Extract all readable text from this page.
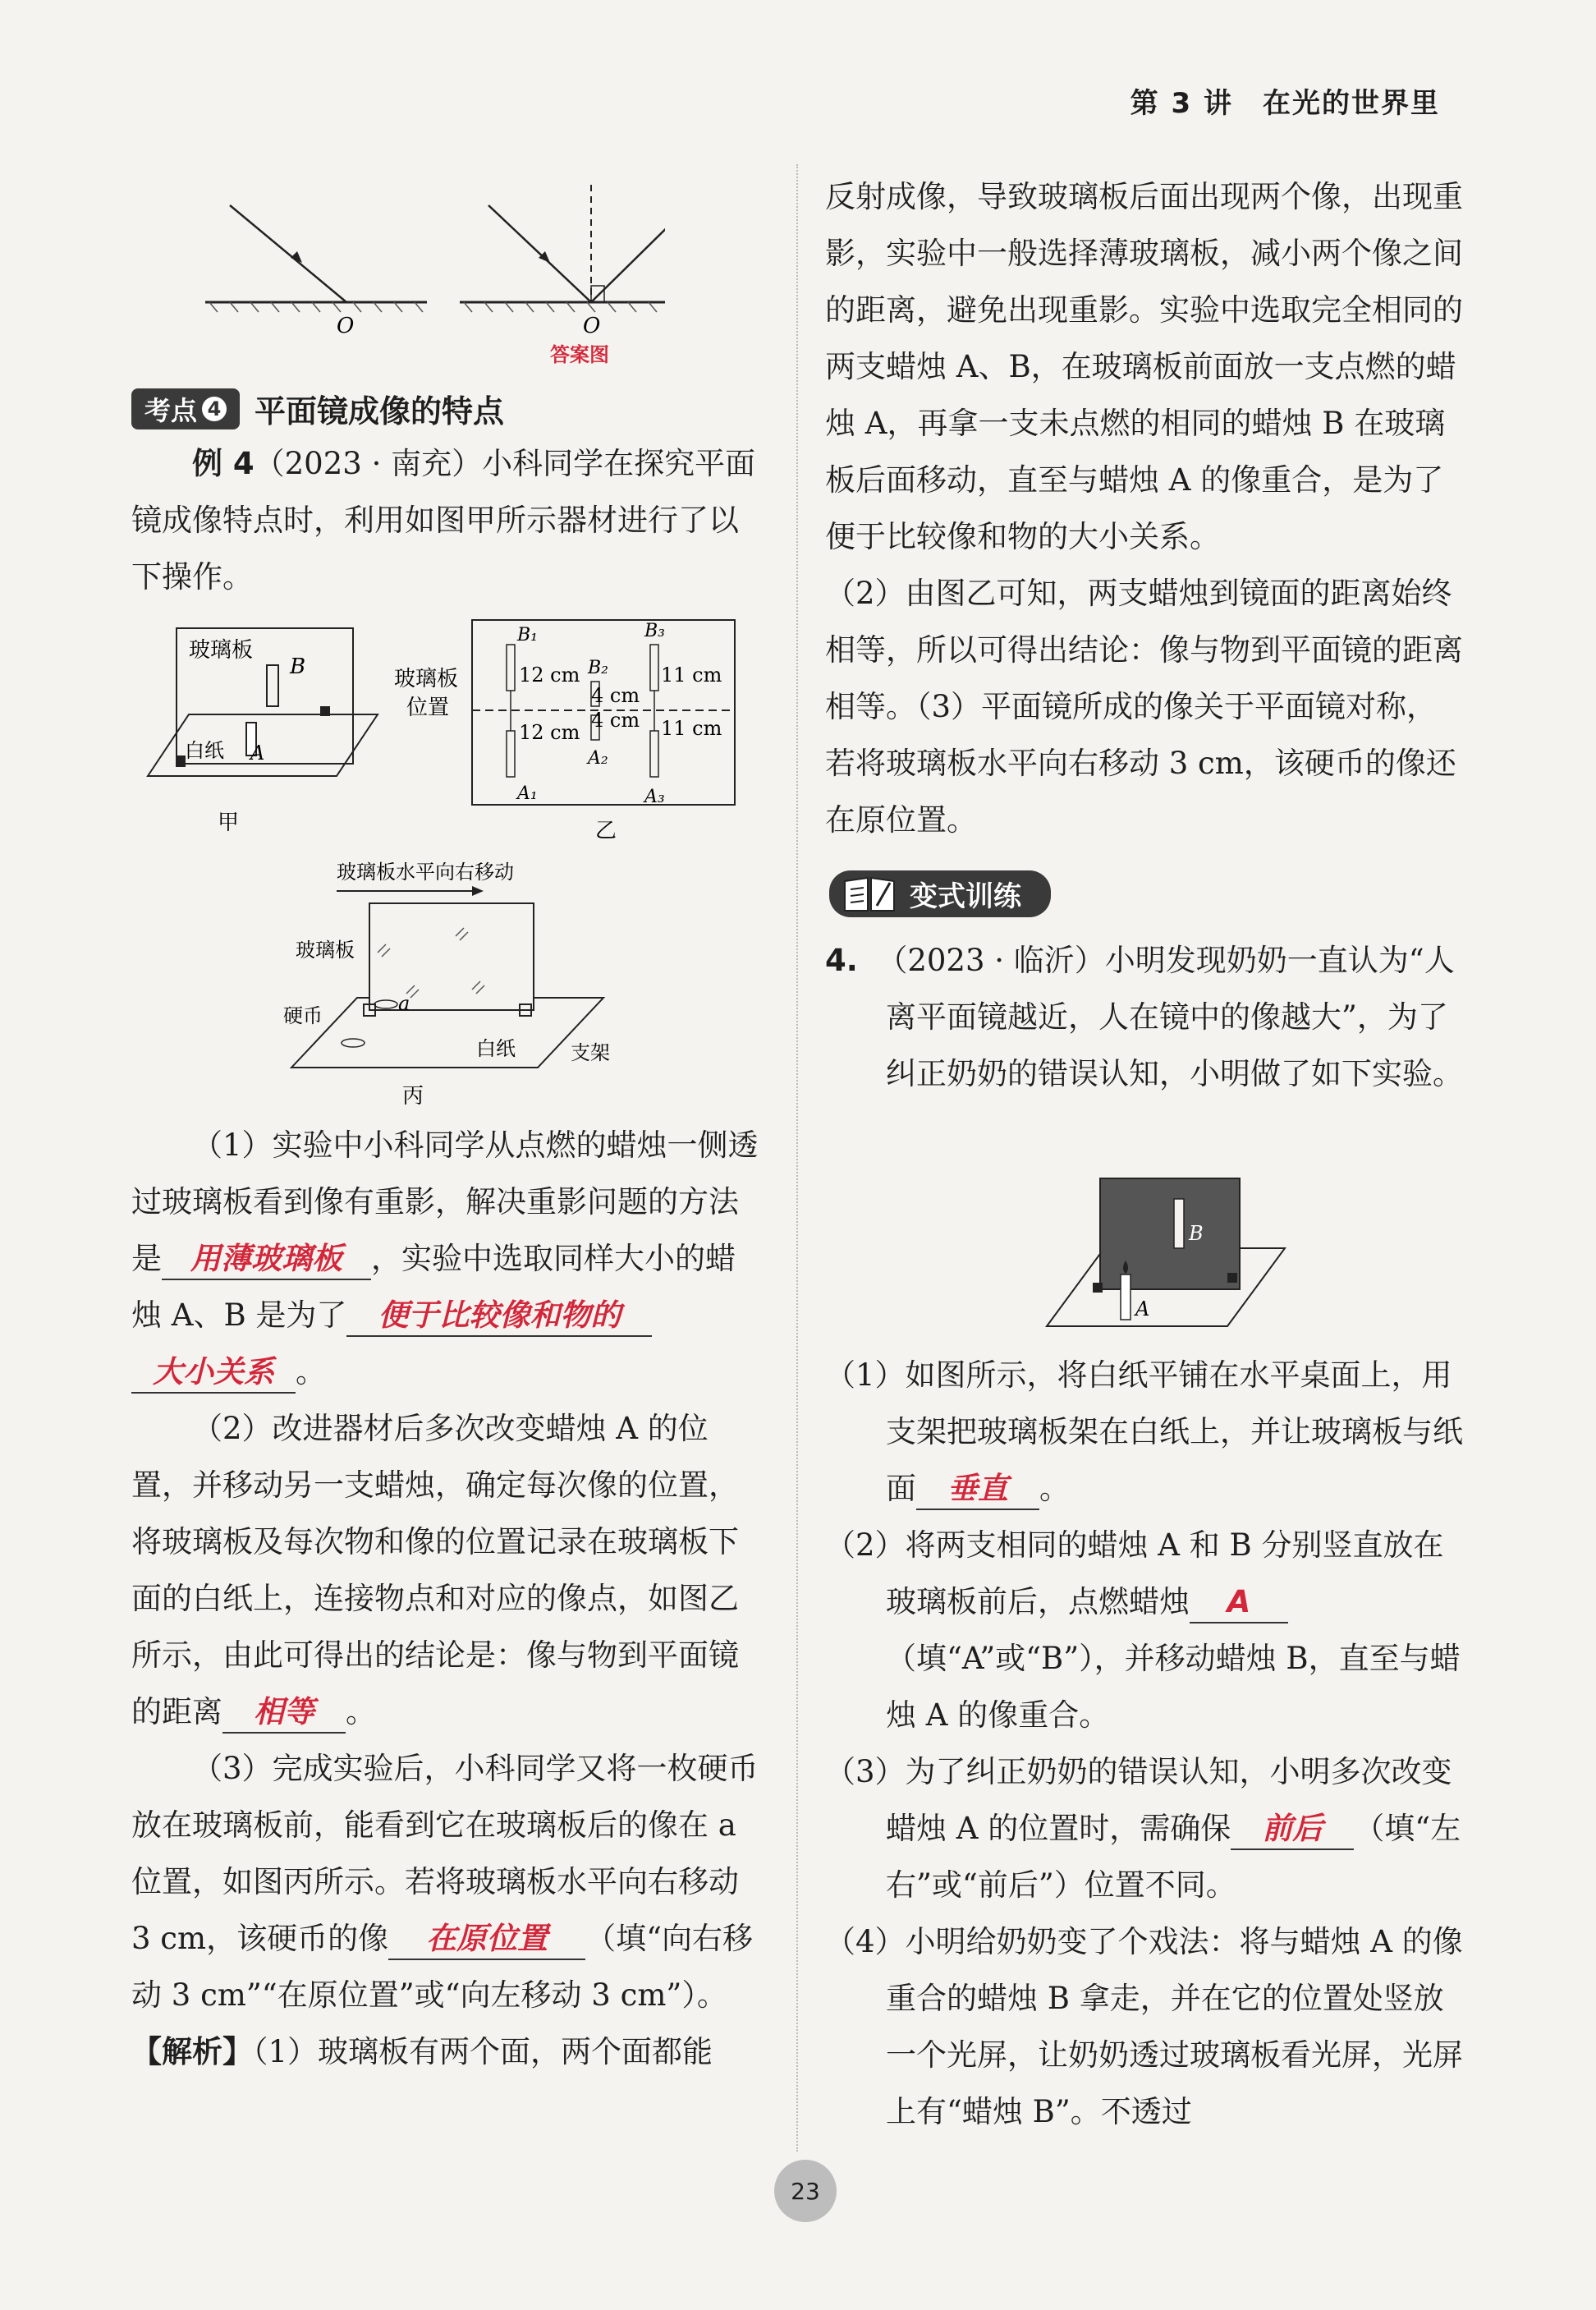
第 3 讲　在光的世界里
O	O
答案图
考点 4 平面镜成像的特点

例 4（2023 · 南充）小科同学在探究平面镜成像特点时，利用如图甲所示器材进行了以下操作。

玻璃板
B
白纸 A
甲
玻璃板
位置
B₁
B₂
B₃
A₁
A₂
A₃
12 cm
4 cm
11 cm
12 cm
4 cm 11 cm
乙
玻璃板水平向右移动
玻璃板
硬币
a
白纸	支架
丙

（1）实验中小科同学从点燃的蜡烛一侧透过玻璃板看到像有重影，解决重影问题的方法是 用薄玻璃板 ，实验中选取同样大小的蜡烛 A、B 是为了 便于比较像和物的
大小关系 。

（2）改进器材后多次改变蜡烛 A 的位置，并移动另一支蜡烛，确定每次像的位置，将玻璃板及每次物和像的位置记录在玻璃板下面的白纸上，连接物点和对应的像点，如图乙所示，由此可得出的结论是：像与物到平面镜的距离 相等 。

（3）完成实验后，小科同学又将一枚硬币放在玻璃板前，能看到它在玻璃板后的像在 a 位置，如图丙所示。若将玻璃板水平向右移动 3 cm，该硬币的像 在原位置 （填“向右移动 3 cm”“在原位置”或“向左移动 3 cm”）。

【解析】（1）玻璃板有两个面，两个面都能

反射成像，导致玻璃板后面出现两个像，出现重影，实验中一般选择薄玻璃板，减小两个像之间的距离，避免出现重影。实验中选取完全相同的两支蜡烛 A、B，在玻璃板前面放一支点燃的蜡烛 A，再拿一支未点燃的相同的蜡烛 B 在玻璃板后面移动，直至与蜡烛 A 的像重合，是为了便于比较像和物的大小关系。

（2）由图乙可知，两支蜡烛到镜面的距离始终相等，所以可得出结论：像与物到平面镜的距离相等。（3）平面镜所成的像关于平面镜对称，若将玻璃板水平向右移动 3 cm，该硬币的像还在原位置。

变式训练

4. （2023 · 临沂）小明发现奶奶一直认为“人离平面镜越近，人在镜中的像越大”，为了纠正奶奶的错误认知，小明做了如下实验。

B
A

（1）如图所示，将白纸平铺在水平桌面上，用支架把玻璃板架在白纸上，并让玻璃板与纸面 垂直 。

（2）将两支相同的蜡烛 A 和 B 分别竖直放在玻璃板前后，点燃蜡烛 A（填“A”或“B”），并移动蜡烛 B，直至与蜡烛 A 的像重合。

（3）为了纠正奶奶的错误认知，小明多次改变蜡烛 A 的位置时，需确保 前后 （填“左右”或“前后”）位置不同。

（4）小明给奶奶变了个戏法：将与蜡烛 A 的像重合的蜡烛 B 拿走，并在它的位置处竖放一个光屏，让奶奶透过玻璃板看光屏，光屏上有“蜡烛 B”。不透过

23
